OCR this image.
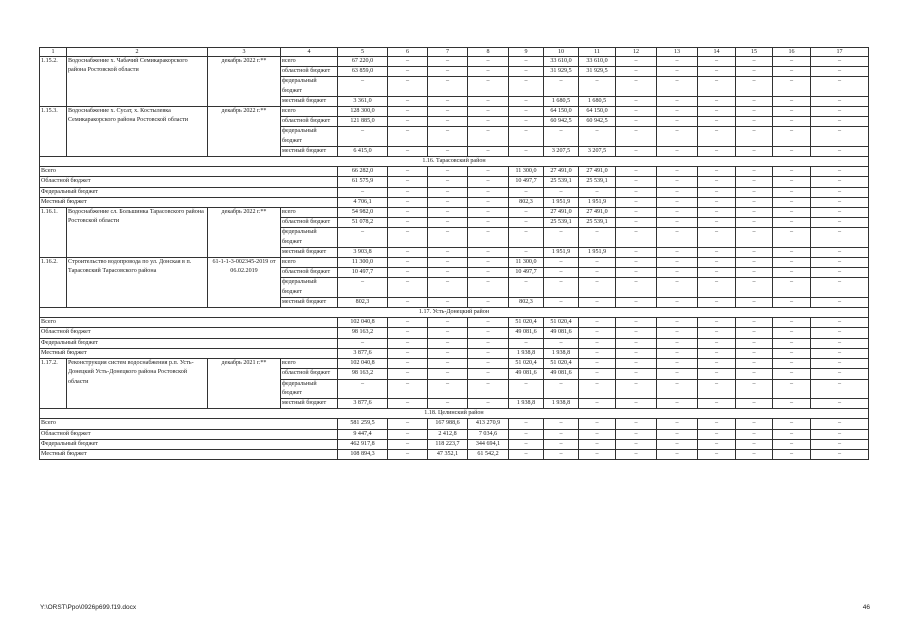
1	2	3	4	5	6	7	8	9	10	11	12	13	14	15	16	17
1.15.2.	Водоснабжение х. Чабачий Семикаракорского района Ростовской области	декабрь 2022 г.**	всего	67 220,0	–	–	–	–	33 610,0	33 610,0	–	–	–	–	–	–
			областной бюджет	63 859,0	–	–	–	–	31 929,5	31 929,5	–	–	–	–	–	–
			федеральный бюджет	–	–	–	–	–	–	–	–	–	–	–	–	–
			местный бюджет	3 361,0	–	–	–	–	1 680,5	1 680,5	–	–	–	–	–	–
1.15.3.	Водоснабжение х. Сусат, х. Костылевка Семикаракорского района Ростовской области	декабрь 2022 г.**	всего	128 300,0	–	–	–	–	64 150,0	64 150,0	–	–	–	–	–	–
			областной бюджет	121 885,0	–	–	–	–	60 942,5	60 942,5	–	–	–	–	–	–
			федеральный бюджет	–	–	–	–	–	–	–	–	–	–	–	–	–
			местный бюджет	6 415,0	–	–	–	–	3 207,5	3 207,5	–	–	–	–	–	–
1.16. Тарасовский район																
Всего				66 282,0	–	–	–	11 300,0	27 491,0	27 491,0	–	–	–	–	–	–
Областной бюджет				61 575,9	–	–	–	10 497,7	25 539,1	25 539,1	–	–	–	–	–	–
Федеральный бюджет				–	–	–	–	–	–	–	–	–	–	–	–	–
Местный бюджет				4 706,1	–	–	–	802,3	1 951,9	1 951,9	–	–	–	–	–	–
1.16.1.	Водоснабжение сл. Большинка Тарасовского района Ростовской области	декабрь 2022 г.**	всего	54 982,0	–	–	–	–	27 491,0	27 491,0	–	–	–	–	–	–
			областной бюджет	51 078,2	–	–	–	–	25 539,1	25 539,1	–	–	–	–	–	–
			федеральный бюджет	–	–	–	–	–	–	–	–	–	–	–	–	–
			местный бюджет	3 903,8	–	–	–	–	1 951,9	1 951,9	–	–	–	–	–	–
1.16.2.	Строительство водопровода по ул. Донская в п. Тарасовский Тарасовского района	61-1-1-3-002345-2019 от 06.02.2019	всего	11 300,0	–	–	–	11 300,0	–	–	–	–	–	–	–	–
			областной бюджет	10 497,7	–	–	–	10 497,7	–	–	–	–	–	–	–	–
			федеральный бюджет	–	–	–	–	–	–	–	–	–	–	–	–	–
			местный бюджет	802,3	–	–	–	802,3	–	–	–	–	–	–	–	–
1.17. Усть-Донецкий район																
Всего				102 040,8	–	–	–	51 020,4	51 020,4	–	–	–	–	–	–	–
Областной бюджет				98 163,2	–	–	–	49 081,6	49 081,6	–	–	–	–	–	–	–
Федеральный бюджет				–	–	–	–	–	–	–	–	–	–	–	–	–
Местный бюджет				3 877,6	–	–	–	1 938,8	1 938,8	–	–	–	–	–	–	–
1.17.2.	Реконструкция систем водоснабжения р.п. Усть-Донецкий Усть-Донецкого района Ростовской области	декабрь 2021 г.**	всего	102 040,8	–	–	–	51 020,4	51 020,4	–	–	–	–	–	–	–
			областной бюджет	98 163,2	–	–	–	49 081,6	49 081,6	–	–	–	–	–	–	–
			федеральный бюджет	–	–	–	–	–	–	–	–	–	–	–	–	–
			местный бюджет	3 877,6	–	–	–	1 938,8	1 938,8	–	–	–	–	–	–	–
1.18. Целинский район																
Всего				581 259,5	–	167 988,6	413 270,9	–	–	–	–	–	–	–	–	–
Областной бюджет				9 447,4	–	2 412,8	7 034,6	–	–	–	–	–	–	–	–	–
Федеральный бюджет				462 917,8	–	118 223,7	344 694,1	–	–	–	–	–	–	–	–	–
Местный бюджет				108 894,3	–	47 352,1	61 542,2	–	–	–	–	–	–	–	–	–
Y:\ORST\Ppo\0926p699.f19.docx	46
